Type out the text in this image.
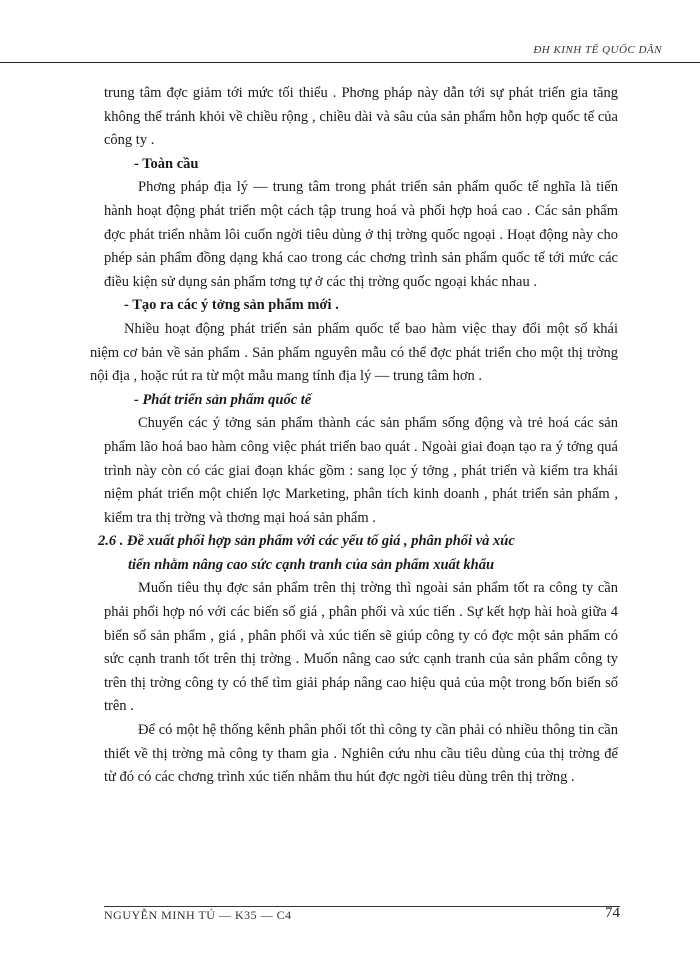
ĐH KINH TẾ QUỐC DÂN

trung tâm đợc giảm tới mức tối thiểu . Phơng pháp này dẫn tới sự phát triển gia tăng không thể tránh khỏi về chiều rộng , chiều dài và sâu của sản phẩm hỗn hợp quốc tế của công ty .

- Toàn cầu

Phơng pháp địa lý — trung tâm trong phát triển sản phẩm quốc tế nghĩa là tiến hành hoạt động phát triển một cách tập trung hoá và phối hợp hoá cao . Các sản phẩm đợc phát triển nhằm lôi cuốn ngời tiêu dùng ở thị trờng quốc ngoại . Hoạt động này cho phép sản phẩm đồng dạng khá cao trong các chơng trình sản phẩm quốc tế tới mức các điều kiện sử dụng sản phẩm tơng tự ở các thị trờng quốc ngoại khác nhau .

- Tạo ra các ý tởng sản phẩm mới .

Nhiều hoạt động phát triển sản phẩm quốc tế bao hàm việc thay đổi một số khái niệm cơ bản về sản phẩm . Sản phẩm nguyên mẫu có thể đợc phát triển cho một thị trờng nội địa , hoặc rút ra từ một mẫu mang tính địa lý — trung tâm hơn .

- Phát triển sản phẩm quốc tế

Chuyển các ý tởng sản phẩm thành các sản phẩm sống động và trẻ hoá các sản phẩm lão hoá bao hàm công việc phát triển bao quát . Ngoài giai đoạn tạo ra ý tởng quá trình này còn có các giai đoạn khác gồm : sang lọc ý tởng , phát triển và kiểm tra khái niệm phát triển một chiến lợc Marketing, phân tích kinh doanh , phát triển sản phẩm , kiểm tra thị trờng và thơng mại hoá sản phẩm .

2.6 . Đề xuất phối hợp sản phẩm với các yếu tố giá , phân phối và xúc
tiến nhằm nâng cao sức cạnh tranh của sản phẩm xuất khẩu

Muốn tiêu thụ đợc sản phẩm trên thị trờng thì ngoài sản phẩm tốt ra công ty cần phải phối hợp nó với các biến số giá , phân phối và xúc tiến . Sự kết hợp hài hoà giữa 4 biến số sản phẩm , giá , phân phối và xúc tiến sẽ giúp công ty có đợc một sản phẩm có sức cạnh tranh tốt trên thị trờng . Muốn nâng cao sức cạnh tranh của sản phẩm công ty trên thị trờng công ty có thể tìm giải pháp nâng cao hiệu quả của một trong bốn biến số trên .

Để có một hệ thống kênh phân phối tốt thì công ty cần phải có nhiều thông tin cần thiết về thị trờng mà công ty tham gia . Nghiên cứu nhu cầu tiêu dùng của thị trờng để từ đó có các chơng trình xúc tiến nhằm thu hút đợc ngời tiêu dùng trên thị trờng .

NGUYỄN MINH TÚ — K35 — C4	74
